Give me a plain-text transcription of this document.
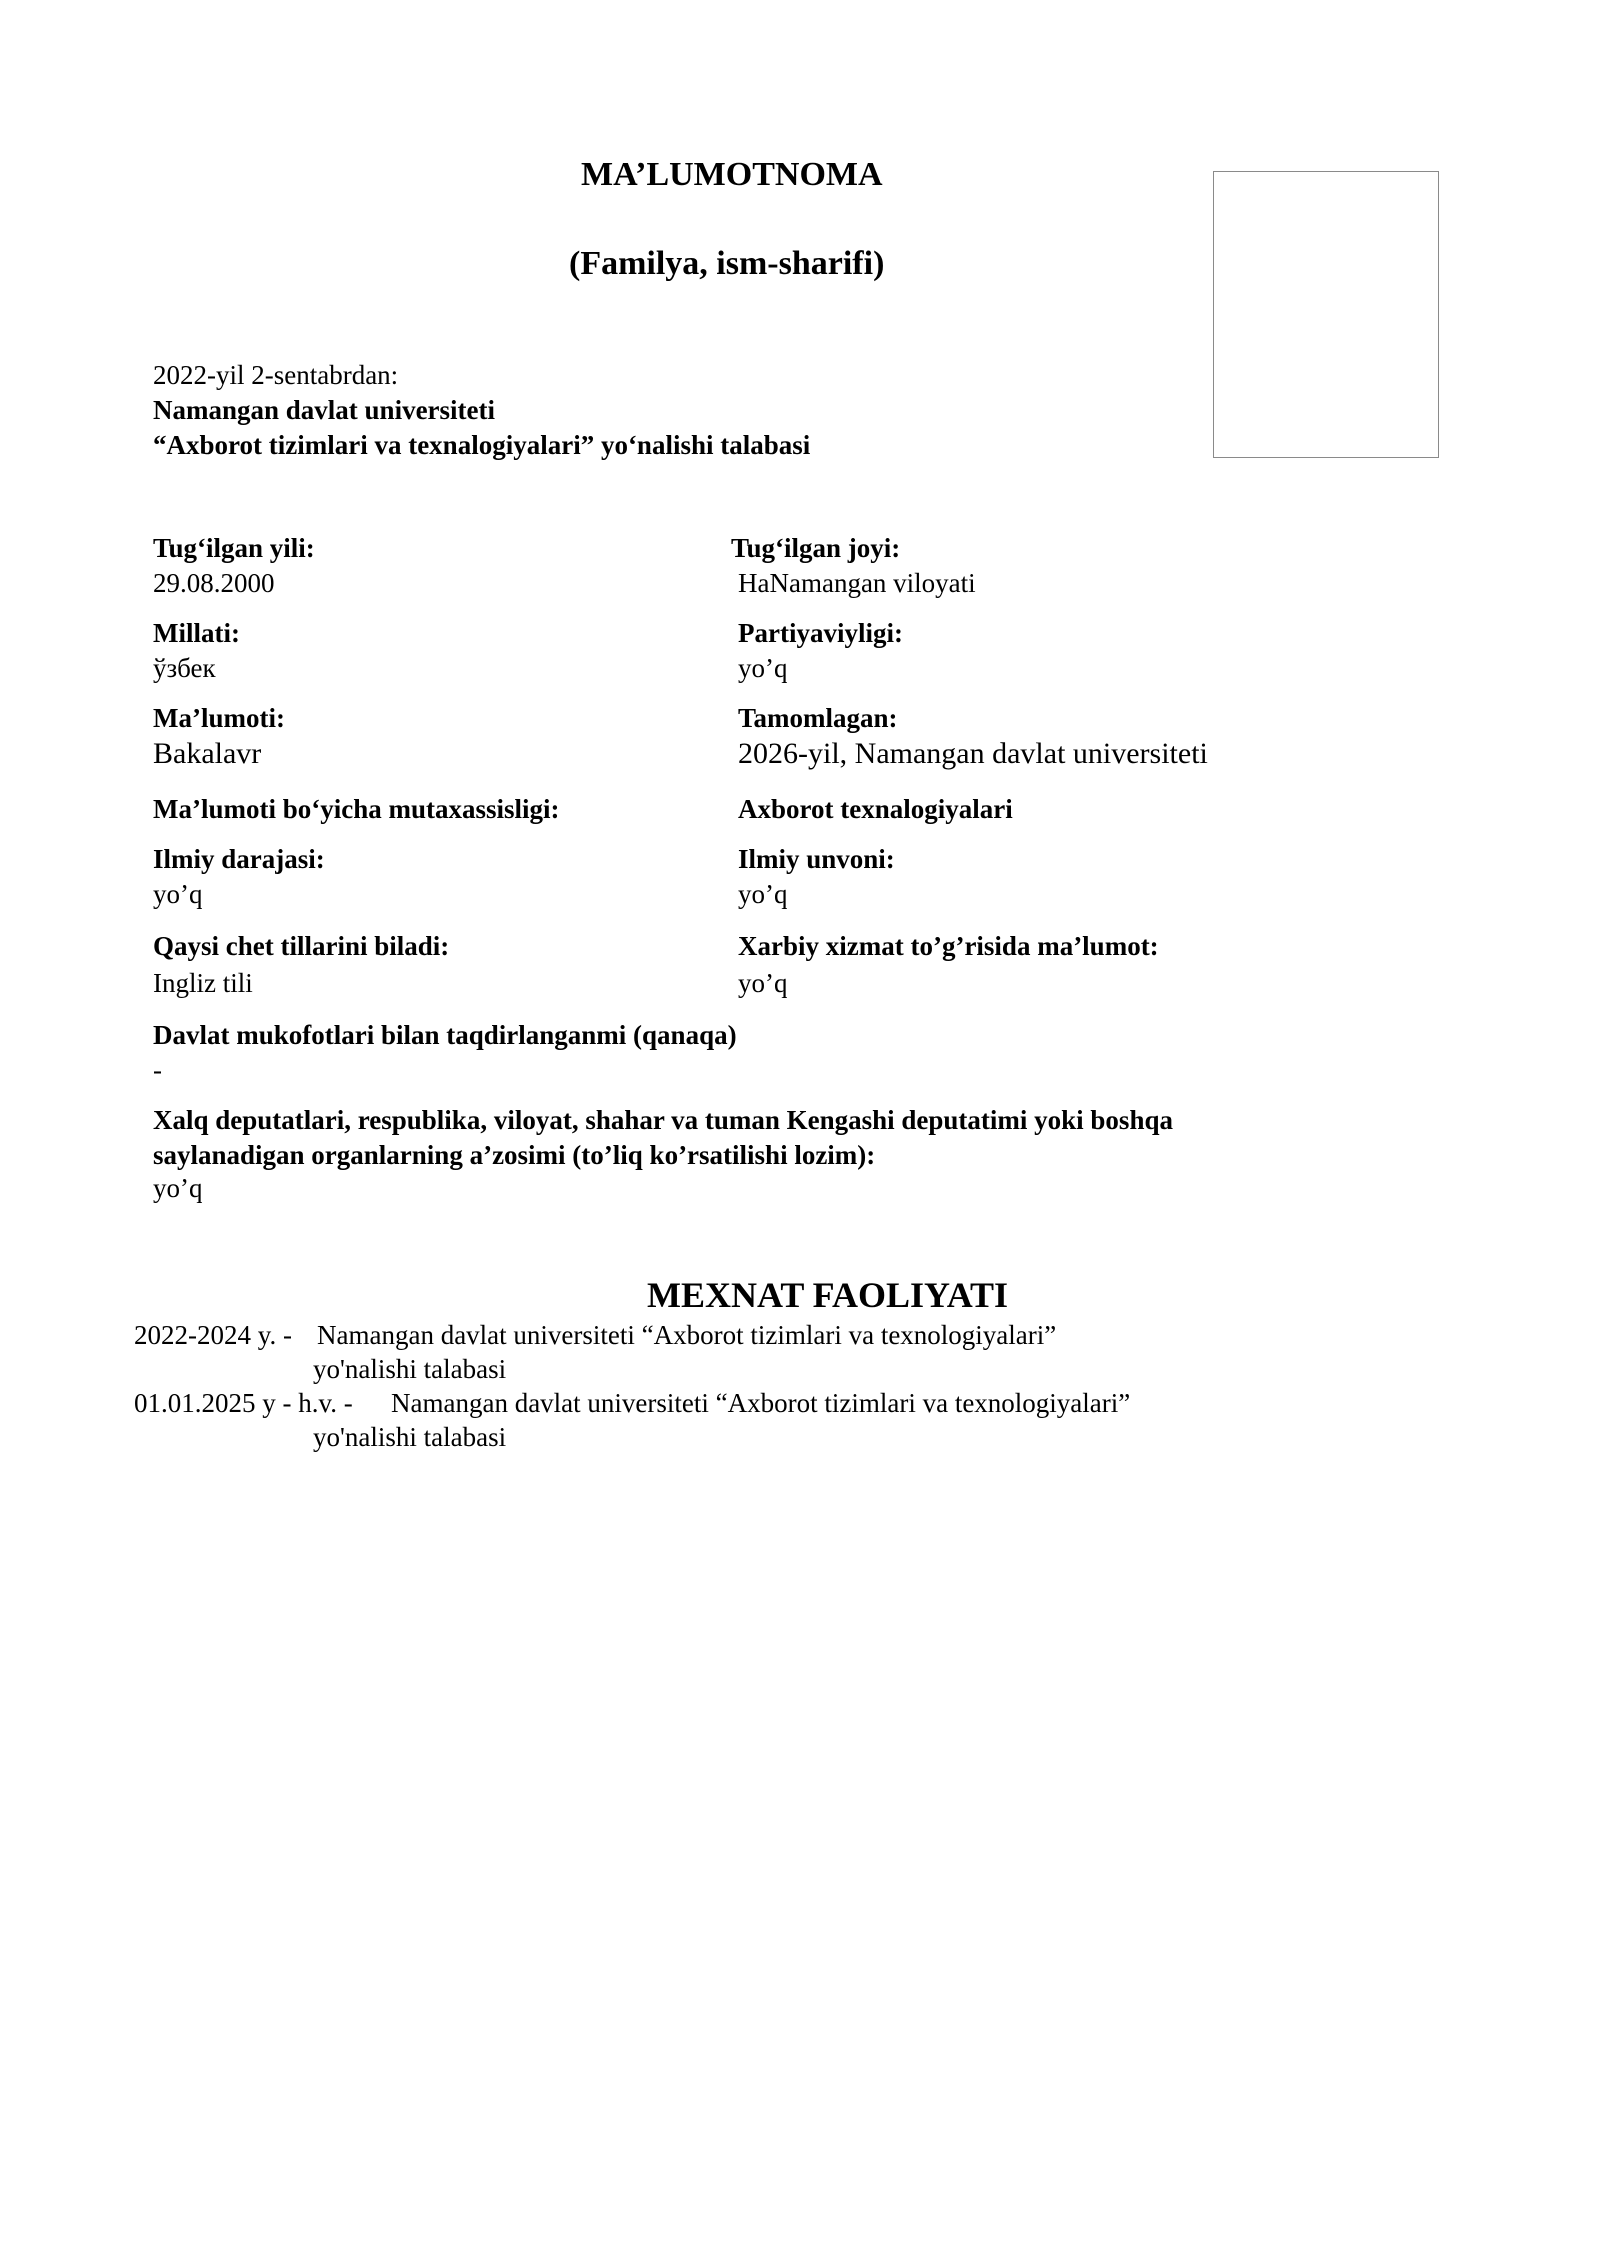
MA’LUMOTNOMA
(Familya, ism-sharifi)
2022-yil 2-sentabrdan:
Namangan davlat universiteti
“Axborot tizimlari va texnalogiyalari” yo‘nalishi talabasi
Tug‘ilgan yili:
29.08.2000
Tug‘ilgan joyi:
HaNamangan viloyati
Millati:
ўзбек
Partiyaviyligi:
yo’q
Ma’lumoti:
Bakalavr
Tamomlagan:
2026-yil, Namangan davlat universiteti
Ma’lumoti bo‘yicha mutaxassisligi:	Axborot texnalogiyalari
Ilmiy darajasi:
yo’q
Ilmiy unvoni:
yo’q
Qaysi chet tillarini biladi:
Ingliz tili
Xarbiy xizmat to’g’risida ma’lumot:
yo’q
Davlat mukofotlari bilan taqdirlanganmi (qanaqa)
-
Xalq deputatlari, respublika, viloyat, shahar va tuman Kengashi deputatimi yoki boshqa
saylanadigan organlarning a’zosimi (to’liq ko’rsatilishi lozim):
yo’q
MEXNAT FAOLIYATI
2022-2024 y. - Namangan davlat universiteti “Axborot tizimlari va texnologiyalari”
yo'nalishi talabasi
01.01.2025 y - h.v. - Namangan davlat universiteti “Axborot tizimlari va texnologiyalari”
yo'nalishi talabasi
